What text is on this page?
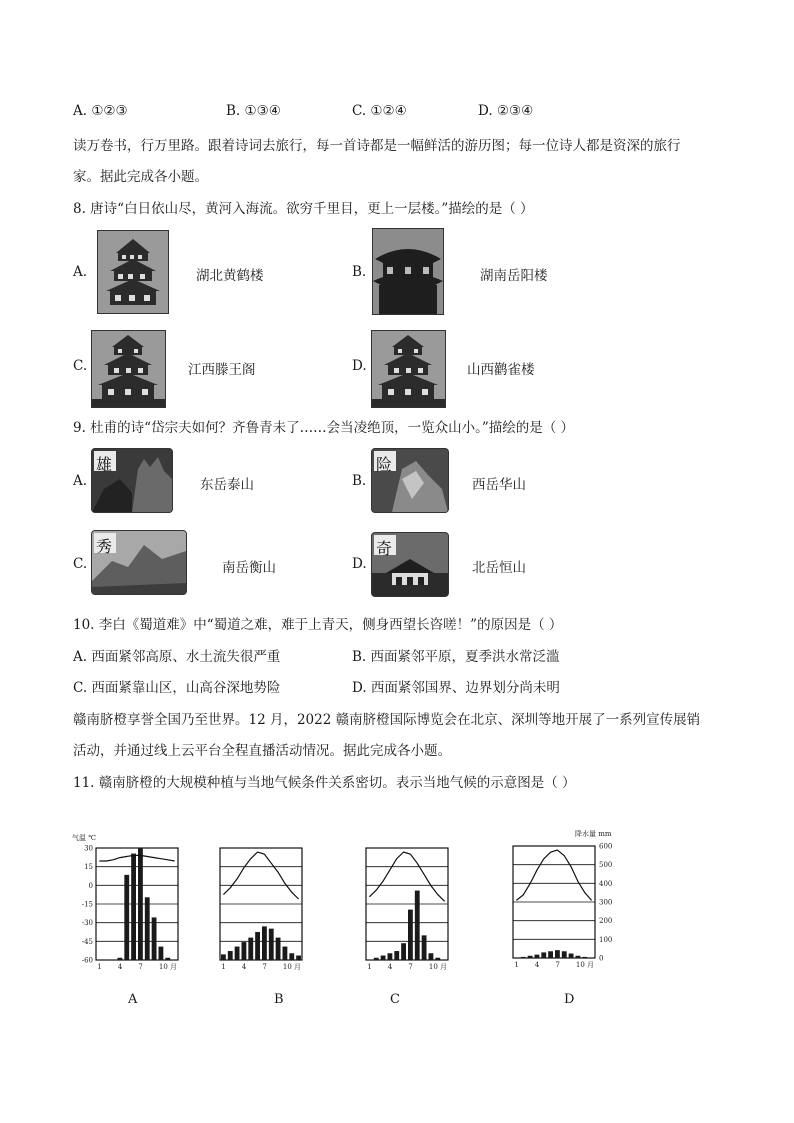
A. ①②③	B. ①③④	C. ①②④	D. ②③④
读万卷书，行万里路。跟着诗词去旅行，每一首诗都是一幅鲜活的游历图；每一位诗人都是资深的旅行
家。据此完成各小题。
8. 唐诗“白日依山尽，黄河入海流。欲穷千里目，更上一层楼。”描绘的是（ ）
A.	湖北黄鹤楼	B.	湖南岳阳楼
C.	江西滕王阁	D.	山西鹳雀楼
9. 杜甫的诗“岱宗夫如何？齐鲁青未了……会当凌绝顶，一览众山小。”描绘的是（ ）
A.
雄
东岳泰山	B.
险
西岳华山
C.
秀
南岳衡山	D.
奇
北岳恒山
10. 李白《蜀道难》中“蜀道之难，难于上青天，侧身西望长咨嗟！”的原因是（ ）
A. 西面紧邻高原、水土流失很严重	B. 西面紧邻平原，夏季洪水常泛滥
C. 西面紧靠山区，山高谷深地势险	D. 西面紧邻国界、边界划分尚未明
赣南脐橙享誉全国乃至世界。12 月，2022 赣南脐橙国际博览会在北京、深圳等地开展了一系列宣传展销
活动，并通过线上云平台全程直播活动情况。据此完成各小题。
11. 赣南脐橙的大规模种植与当地气候条件关系密切。表示当地气候的示意图是（ ）
气温 ℃
30
15
0
-15
-30
-45
-60
1 4 7 10 月	1 4 7 10 月	1 4 7 10 月
降水量 mm
600
500
400
300
200
100
0
1 4 7 10 月
A	B	C	D
